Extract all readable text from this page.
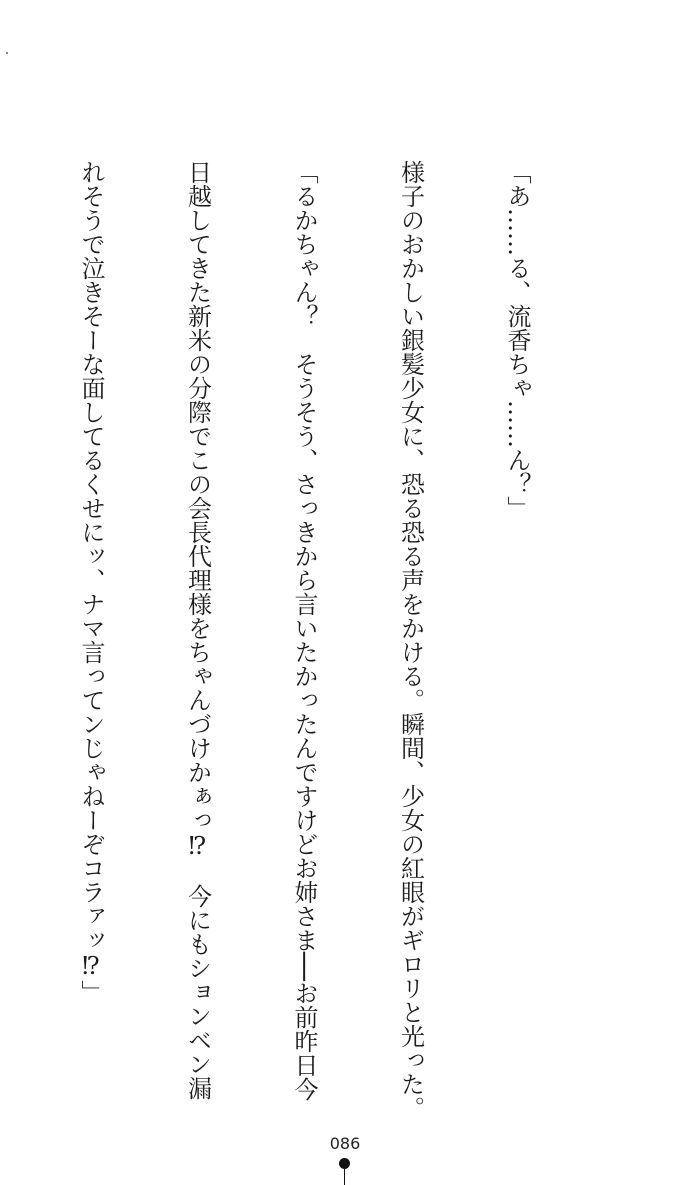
「あ……る、流香ちゃ……ん？」

様子のおかしい銀髪少女に、恐る恐る声をかける。瞬間、少女の紅眼がギロリと光った。

「るかちゃん？　そうそう、さっきから言いたかったんですけどお姉さま──お前昨日今

日越してきた新米の分際でこの会長代理様をちゃんづけかぁっ⁉　今にもションベン漏

れそうで泣きそーな面してるくせにッ、ナマ言ってンじゃねーぞコラァッ⁉」

086
